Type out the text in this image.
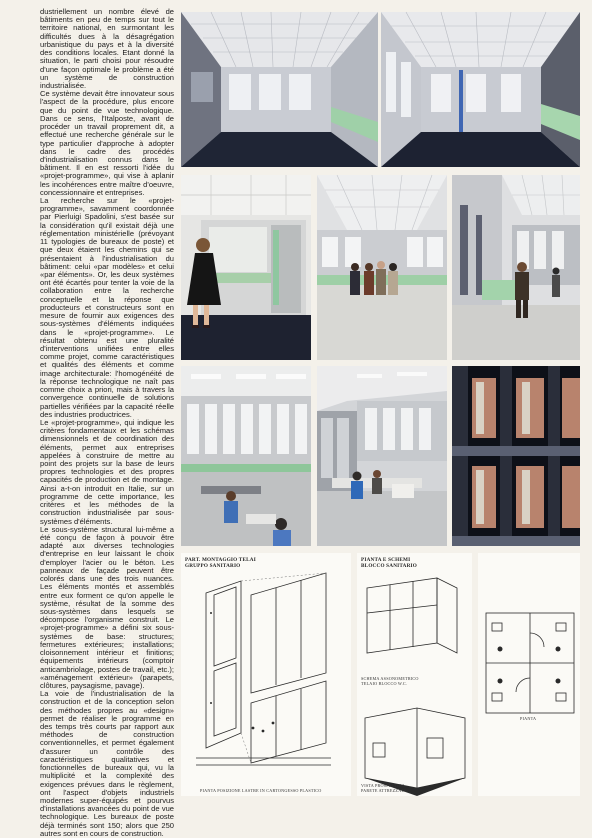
dustriellement un nombre élevé de bâtiments en peu de temps sur tout le territoire national, en surmontant les difficultés dues à la désagrégation urbanistique du pays et à la diversité des conditions locales. Etant donné la situation, le parti choisi pour résoudre d'une façon optimale le problème a été un système de construction industrialisée.

Ce système devait être innovateur sous l'aspect de la procédure, plus encore que du point de vue technologique. Dans ce sens, l'Italposte, avant de procéder un travail proprement dit, a effectué une recherche générale sur le type particulier d'approche à adopter dans le cadre des procédés d'industrialisation connus dans le bâtiment. Il en est ressorti l'idée du «projet-programme», qui vise à aplanir les incohérences entre maître d'oeuvre, concessionnaire et entreprises.

La recherche sur le «projet-programme», savamment coordonnée par Pierluigi Spadolini, s'est basée sur la considération qu'il existait déjà une réglementation ministérielle (prévoyant 11 typologies de bureaux de poste) et que deux étaient les chemins qui se présentaient à l'industrialisation du bâtiment: celui «par modèles» et celui «par éléments». Or, les deux systèmes ont été écartés pour tenter la voie de la collaboration entre la recherche conceptuelle et la réponse que producteurs et constructeurs sont en mesure de fournir aux exigences des sous-systèmes d'éléments indiquées dans le «projet-programme». Le résultat obtenu est une pluralité d'interventions unifiées entre elles comme projet, comme caractéristiques et qualités des éléments et comme image architecturale: l'homogénéité de la réponse technologique ne naît pas comme choix a priori, mais à travers la convergence continuelle de solutions partielles vérifiées par la capacité réelle des industries productrices.

Le «projet-programme», qui indique les critères fondamentaux et les schémas dimensionnels et de coordination des éléments, permet aux entreprises appelées à construire de mettre au point des projets sur la base de leurs propres technologies et des propres capacités de production et de montage. Ainsi a-t-on introduit en Italie, sur un programme de cette importance, les critères et les méthodes de la construction industrialisée par sous-systèmes d'éléments.

Le sous-système structural lui-même a été conçu de façon à pouvoir être adapté aux diverses technologies d'entreprise en leur laissant le choix d'employer l'acier ou le béton. Les panneaux de façade peuvent être colorés dans une des trois nuances. Les éléments montés et assemblés entre eux forment ce qu'on appelle le système, résultat de la somme des sous-systèmes dans lesquels se décompose l'organisme construit. Le «projet-programme» a défini six sous-systèmes de base: structures; fermetures extérieures; installations; cloisonnement intérieur et finitions; équipements intérieurs (comptoir anticambriolage, postes de travail, etc.); «aménagement extérieur» (parapets, clôtures, paysagisme, pavage).

La voie de l'industrialisation de la construction et de la conception selon des méthodes propres au «design» permet de réaliser le programme en des temps très courts par rapport aux méthodes de construction conventionnelles, et permet également d'assurer un contrôle des caractéristiques qualitatives et fonctionnelles de bureaux qui, vu la multiplicité et la complexité des exigences prévues dans le règlement, ont l'aspect d'objets industriels modernes super-équipés et pourvus d'installations avancées du point de vue technologique. Les bureaux de poste déjà terminés sont 150; alors que 250 autres sont en cours de construction.

PART. MONTAGGIO TELAI
GRUPPO SANITARIO
PIANTA POSIZIONE LASTRE IN CARTONGESSO PLASTICO
PIANTA E SCHEMI
BLOCCO SANITARIO
SCHEMA ASSONOMETRICO
TELAIO BLOCCO W.C.
VISTA PROSPETTICA
PARETE ATTREZZATA
PIANTA
